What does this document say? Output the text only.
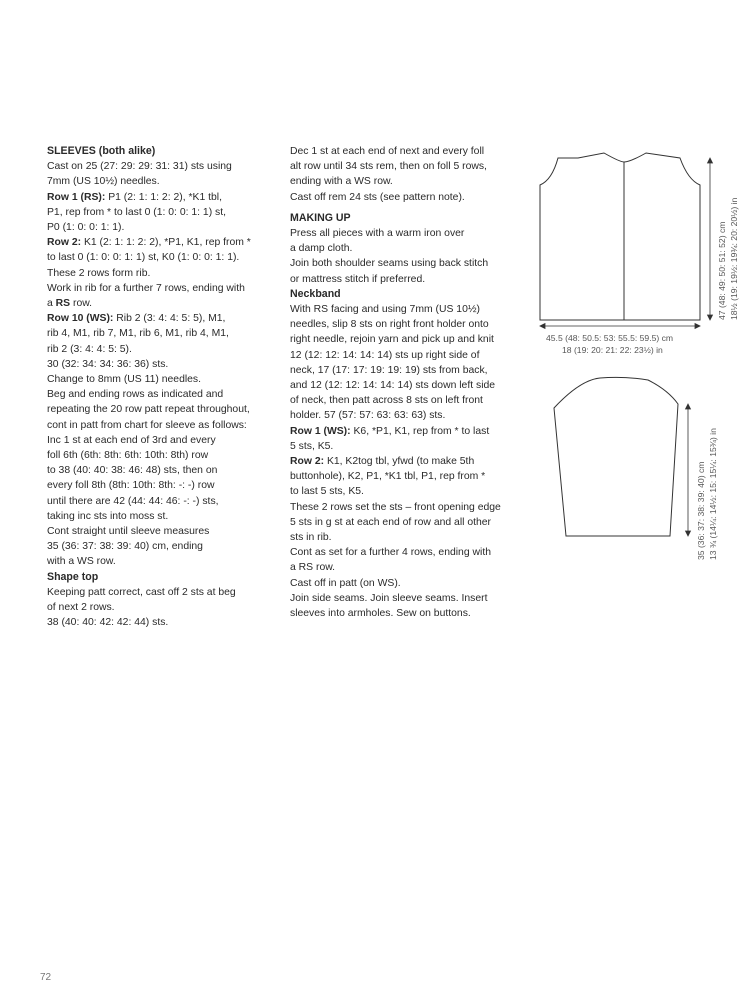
SLEEVES (both alike)

Cast on 25 (27: 29: 29: 31: 31) sts using

7mm (US 10½) needles.

Row 1 (RS): P1 (2: 1: 1: 2: 2), *K1 tbl,

P1, rep from * to last 0 (1: 0: 0: 1: 1) st,

P0 (1: 0: 0: 1: 1).

Row 2: K1 (2: 1: 1: 2: 2), *P1, K1, rep from *

to last 0 (1: 0: 0: 1: 1) st, K0 (1: 0: 0: 1: 1).

These 2 rows form rib.

Work in rib for a further 7 rows, ending with

a RS row.

Row 10 (WS): Rib 2 (3: 4: 4: 5: 5), M1,

rib 4, M1, rib 7, M1, rib 6, M1, rib 4, M1,

rib 2 (3: 4: 4: 5: 5).

30 (32: 34: 34: 36: 36) sts.

Change to 8mm (US 11) needles.

Beg and ending rows as indicated and

repeating the 20 row patt repeat throughout,

cont in patt from chart for sleeve as follows:

Inc 1 st at each end of 3rd and every

foll 6th (6th: 8th: 6th: 10th: 8th) row

to 38 (40: 40: 38: 46: 48) sts, then on

every foll 8th (8th: 10th: 8th: -: -) row

until there are 42 (44: 44: 46: -: -) sts,

taking inc sts into moss st.

Cont straight until sleeve measures

35 (36: 37: 38: 39: 40) cm, ending

with a WS row.

Shape top

Keeping patt correct, cast off 2 sts at beg

of next 2 rows.

38 (40: 40: 42: 42: 44) sts.

Dec 1 st at each end of next and every foll

alt row until 34 sts rem, then on foll 5 rows,

ending with a WS row.

Cast off rem 24 sts (see pattern note).

MAKING UP

Press all pieces with a warm iron over

a damp cloth.

Join both shoulder seams using back stitch

or mattress stitch if preferred.

Neckband

With RS facing and using 7mm (US 10½)

needles, slip 8 sts on right front holder onto

right needle, rejoin yarn and pick up and knit

12 (12: 12: 14: 14: 14) sts up right side of

neck, 17 (17: 17: 19: 19: 19) sts from back,

and 12 (12: 12: 14: 14: 14) sts down left side

of neck, then patt across 8 sts on left front

holder. 57 (57: 57: 63: 63: 63) sts.

Row 1 (WS): K6, *P1, K1, rep from * to last

5 sts, K5.

Row 2: K1, K2tog tbl, yfwd (to make 5th

buttonhole), K2, P1, *K1 tbl, P1, rep from *

to last 5 sts, K5.

These 2 rows set the sts – front opening edge

5 sts in g st at each end of row and all other

sts in rib.

Cont as set for a further 4 rows, ending with

a RS row.

Cast off in patt (on WS).

Join side seams. Join sleeve seams. Insert

sleeves into armholes. Sew on buttons.

45.5 (48: 50.5: 53: 55.5: 59.5) cm
18 (19: 20: 21: 22: 23½) in
47 (48: 49: 50: 51: 52) cm 18½ (19: 19½: 19¾: 20: 20½) in
35 (36: 37: 38: 39: 40) cm 13 ¾ (14¼: 14½: 15: 15¼: 15¾) in
72
